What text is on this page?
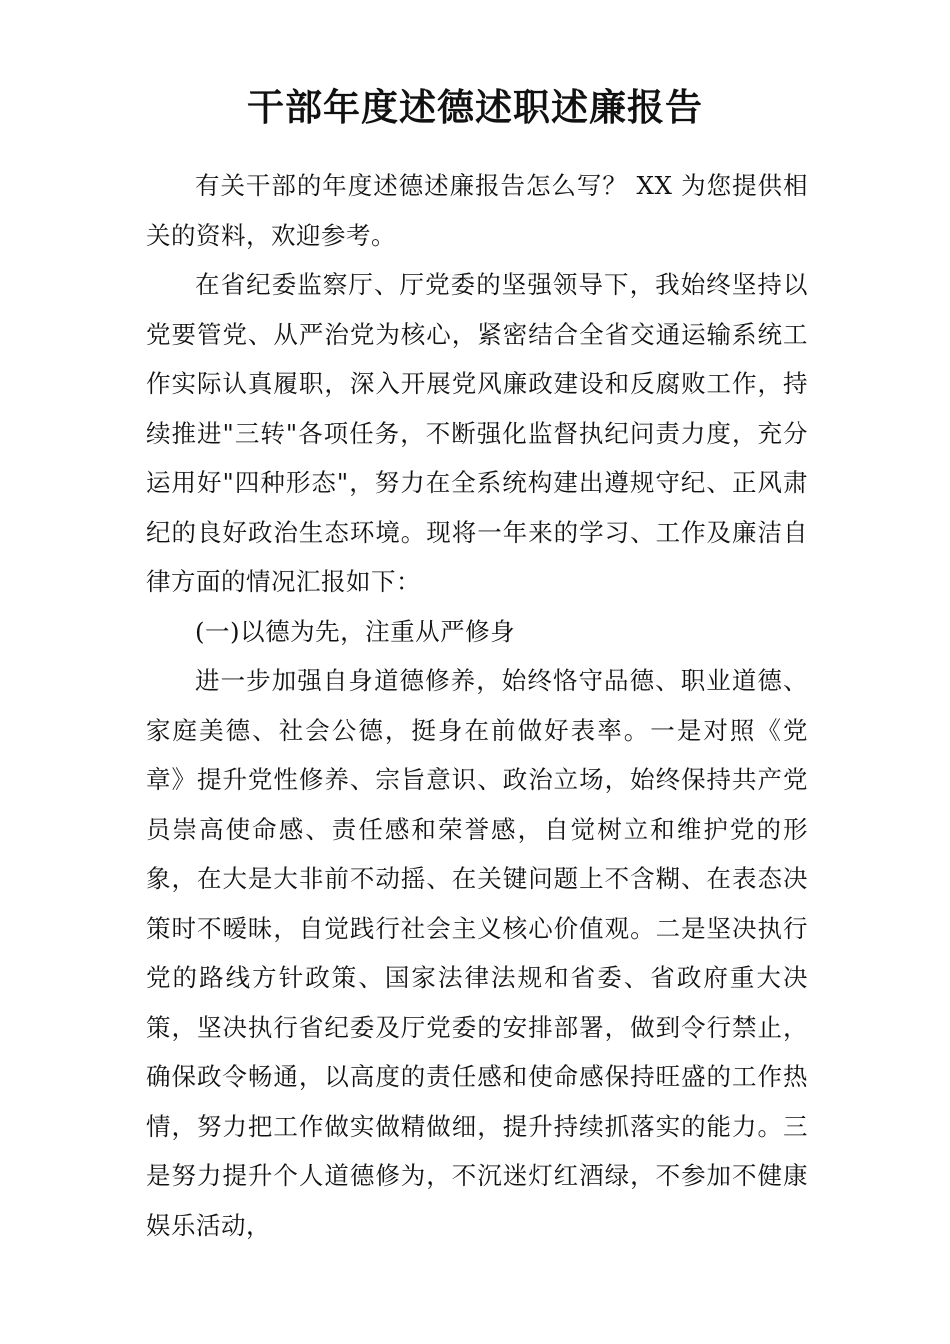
干部年度述德述职述廉报告

有关干部的年度述德述廉报告怎么写？ XX 为您提供相关的资料，欢迎参考。

在省纪委监察厅、厅党委的坚强领导下，我始终坚持以党要管党、从严治党为核心，紧密结合全省交通运输系统工作实际认真履职，深入开展党风廉政建设和反腐败工作，持续推进"三转"各项任务，不断强化监督执纪问责力度，充分运用好"四种形态"，努力在全系统构建出遵规守纪、正风肃纪的良好政治生态环境。现将一年来的学习、工作及廉洁自律方面的情况汇报如下：

(一)以德为先，注重从严修身

进一步加强自身道德修养，始终恪守品德、职业道德、家庭美德、社会公德，挺身在前做好表率。一是对照《党章》提升党性修养、宗旨意识、政治立场，始终保持共产党员崇高使命感、责任感和荣誉感，自觉树立和维护党的形象，在大是大非前不动摇、在关键问题上不含糊、在表态决策时不暧昧，自觉践行社会主义核心价值观。二是坚决执行党的路线方针政策、国家法律法规和省委、省政府重大决策，坚决执行省纪委及厅党委的安排部署，做到令行禁止，确保政令畅通，以高度的责任感和使命感保持旺盛的工作热情，努力把工作做实做精做细，提升持续抓落实的能力。三是努力提升个人道德修为，不沉迷灯红酒绿，不参加不健康娱乐活动，
